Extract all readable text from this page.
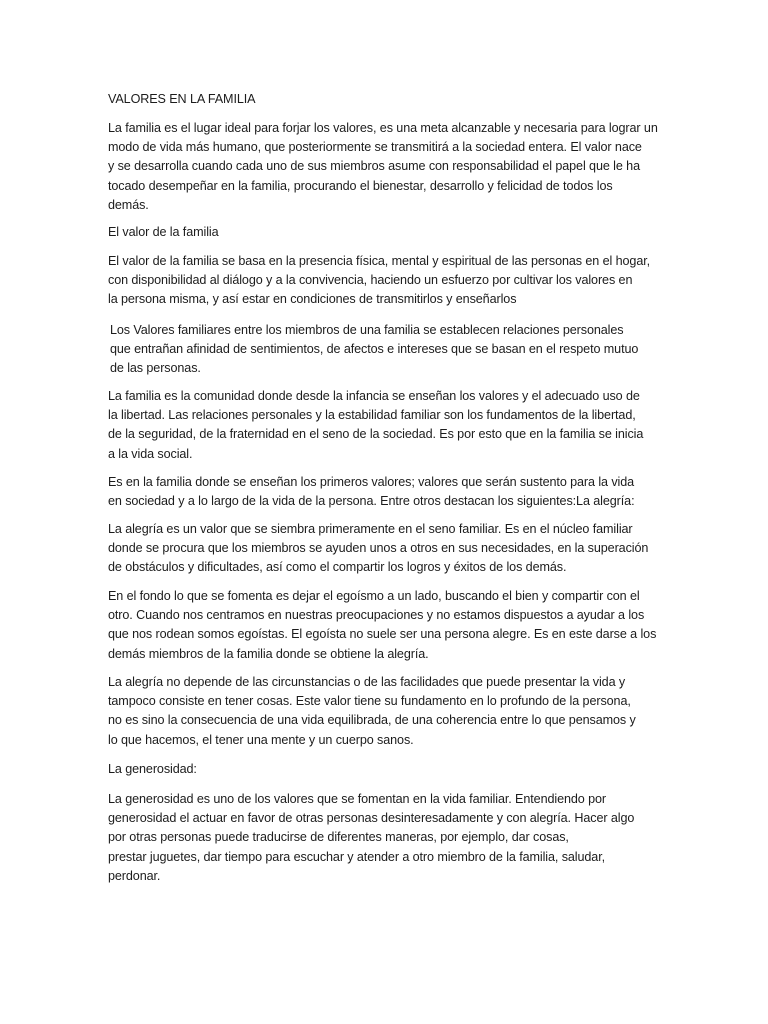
VALORES EN LA FAMILIA
La familia es el lugar ideal para forjar los valores, es una meta alcanzable y necesaria para lograr un
modo de vida más humano, que posteriormente se transmitirá a la sociedad entera. El valor nace
y se desarrolla cuando cada uno de sus miembros asume con responsabilidad el papel que le ha
tocado desempeñar en la familia, procurando el bienestar, desarrollo y felicidad de todos los
demás.
El valor de la familia
El valor de la familia se basa en la presencia física, mental y espiritual de las personas en el hogar,
con disponibilidad al diálogo y a la convivencia, haciendo un esfuerzo por cultivar los valores en
la persona misma, y así estar en condiciones de transmitirlos y enseñarlos
Los Valores familiares entre los miembros de una familia se establecen relaciones personales
que entrañan afinidad de sentimientos, de afectos e intereses que se basan en el respeto mutuo
de las personas.
La familia es la comunidad donde desde la infancia se enseñan los valores y el adecuado uso de
la libertad. Las relaciones personales y la estabilidad familiar son los fundamentos de la libertad,
de la seguridad, de la fraternidad en el seno de la sociedad. Es por esto que en la familia se inicia
a la vida social.
Es en la familia donde se enseñan los primeros valores; valores que serán sustento para la vida
en sociedad y a lo largo de la vida de la persona. Entre otros destacan los siguientes:La alegría:
La alegría es un valor que se siembra primeramente en el seno familiar. Es en el núcleo familiar
donde se procura que los miembros se ayuden unos a otros en sus necesidades, en la superación
de obstáculos y dificultades, así como el compartir los logros y éxitos de los demás.
En el fondo lo que se fomenta es dejar el egoísmo a un lado, buscando el bien y compartir con el
otro. Cuando nos centramos en nuestras preocupaciones y no estamos dispuestos a ayudar a los
que nos rodean somos egoístas. El egoísta no suele ser una persona alegre. Es en este darse a los
demás miembros de la familia donde se obtiene la alegría.
La alegría no depende de las circunstancias o de las facilidades que puede presentar la vida y
tampoco consiste en tener cosas. Este valor tiene su fundamento en lo profundo de la persona,
no es sino la consecuencia de una vida equilibrada, de una coherencia entre lo que pensamos y
lo que hacemos, el tener una mente y un cuerpo sanos.
La generosidad:
La generosidad es uno de los valores que se fomentan en la vida familiar. Entendiendo por
generosidad el actuar en favor de otras personas desinteresadamente y con alegría. Hacer algo
por otras personas puede traducirse de diferentes maneras, por ejemplo, dar cosas,
prestar juguetes, dar tiempo para escuchar y atender a otro miembro de la familia, saludar,
perdonar.
